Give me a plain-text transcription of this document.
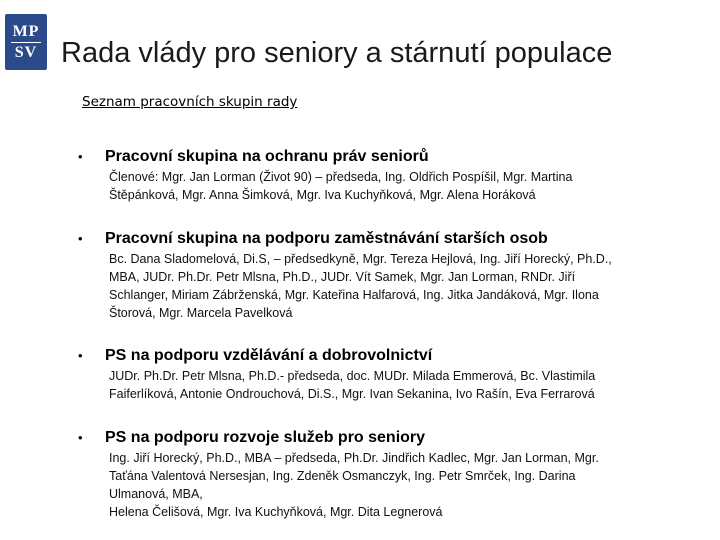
MP
SV Rada vlády pro seniory a stárnutí populace
Seznam pracovních skupin rady
• Pracovní skupina na ochranu práv seniorů
Členové: Mgr. Jan Lorman (Život 90) – předseda, Ing. Oldřich Pospíšil, Mgr. Martina
Štěpánková, Mgr. Anna Šimková, Mgr. Iva Kuchyňková, Mgr. Alena Horáková
• Pracovní skupina na podporu zaměstnávání starších osob
Bc. Dana Sladomelová, Di.S, – předsedkyně, Mgr. Tereza Hejlová, Ing. Jiří Horecký, Ph.D.,
MBA, JUDr. Ph.Dr. Petr Mlsna, Ph.D., JUDr. Vít Samek, Mgr. Jan Lorman, RNDr. Jiří
Schlanger, Miriam Zábrženská, Mgr. Kateřina Halfarová, Ing. Jitka Jandáková, Mgr. Ilona
Štorová, Mgr. Marcela Pavelková
• PS na podporu vzdělávání a dobrovolnictví
JUDr. Ph.Dr. Petr Mlsna, Ph.D.- předseda, doc. MUDr. Milada Emmerová, Bc. Vlastimila
Faiferlíková, Antonie Ondrouchová, Di.S., Mgr. Ivan Sekanina, Ivo Rašín, Eva Ferrarová
• PS na podporu rozvoje služeb pro seniory
Ing. Jiří Horecký, Ph.D., MBA – předseda, Ph.Dr. Jindřich Kadlec, Mgr. Jan Lorman, Mgr.
Taťána Valentová Nersesjan, Ing. Zdeněk Osmanczyk, Ing. Petr Smrček, Ing. Darina
Ulmanová, MBA,
Helena Čelišová, Mgr. Iva Kuchyňková, Mgr. Dita Legnerová
